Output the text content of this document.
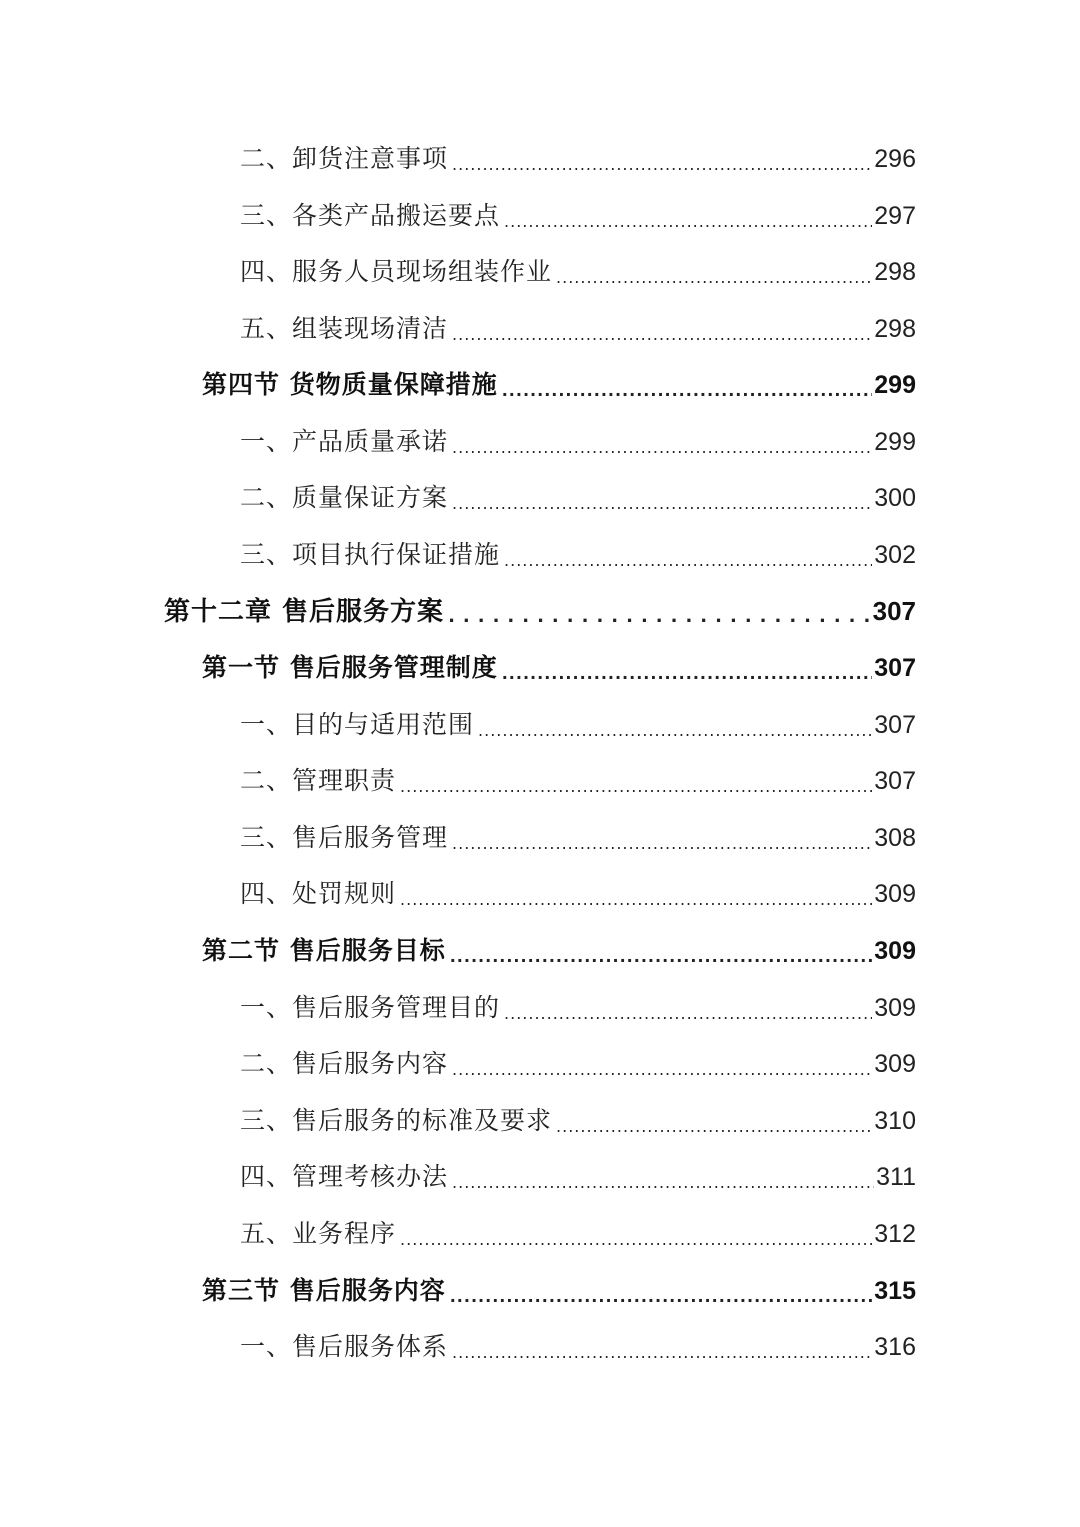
二、卸货注意事项 .....	296
三、各类产品搬运要点 .....	297
四、服务人员现场组装作业 .....	298
五、组装现场清洁 .....	298
第四节 货物质量保障措施 .....	299
一、产品质量承诺 .....	299
二、质量保证方案 .....	300
三、项目执行保证措施 .....	302
第十二章 售后服务方案 .....	307
第一节 售后服务管理制度 .....	307
一、目的与适用范围 .....	307
二、管理职责 .....	307
三、售后服务管理 .....	308
四、处罚规则 .....	309
第二节 售后服务目标 .....	309
一、售后服务管理目的 .....	309
二、售后服务内容 .....	309
三、售后服务的标准及要求 .....	310
四、管理考核办法 .....	311
五、业务程序 .....	312
第三节 售后服务内容 .....	315
一、售后服务体系 .....	316
